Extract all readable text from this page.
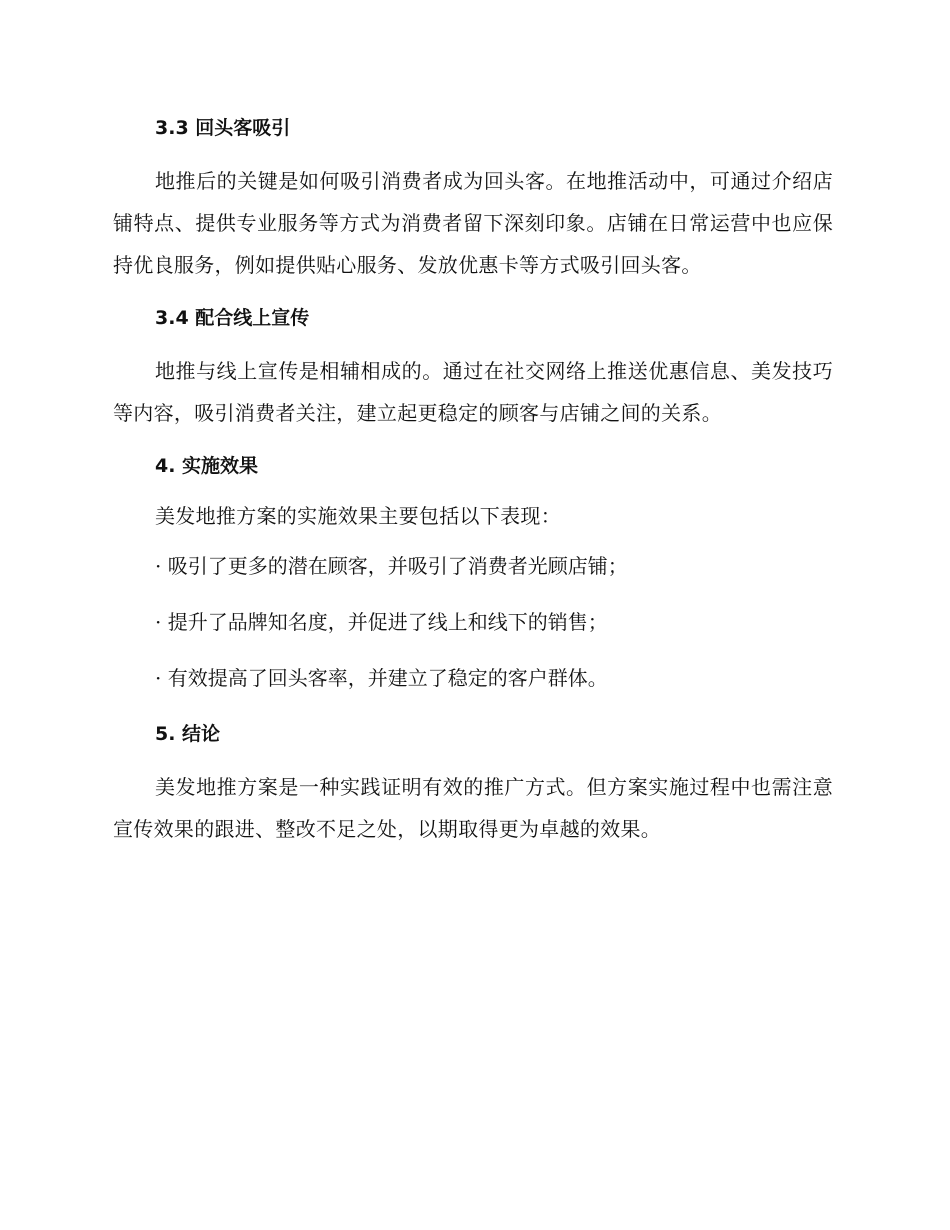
3.3 回头客吸引

地推后的关键是如何吸引消费者成为回头客。在地推活动中，可通过介绍店铺特点、提供专业服务等方式为消费者留下深刻印象。店铺在日常运营中也应保持优良服务，例如提供贴心服务、发放优惠卡等方式吸引回头客。

3.4 配合线上宣传

地推与线上宣传是相辅相成的。通过在社交网络上推送优惠信息、美发技巧等内容，吸引消费者关注，建立起更稳定的顾客与店铺之间的关系。

4. 实施效果

美发地推方案的实施效果主要包括以下表现：

· 吸引了更多的潜在顾客，并吸引了消费者光顾店铺；
· 提升了品牌知名度，并促进了线上和线下的销售；
· 有效提高了回头客率，并建立了稳定的客户群体。
5. 结论

美发地推方案是一种实践证明有效的推广方式。但方案实施过程中也需注意宣传效果的跟进、整改不足之处，以期取得更为卓越的效果。
